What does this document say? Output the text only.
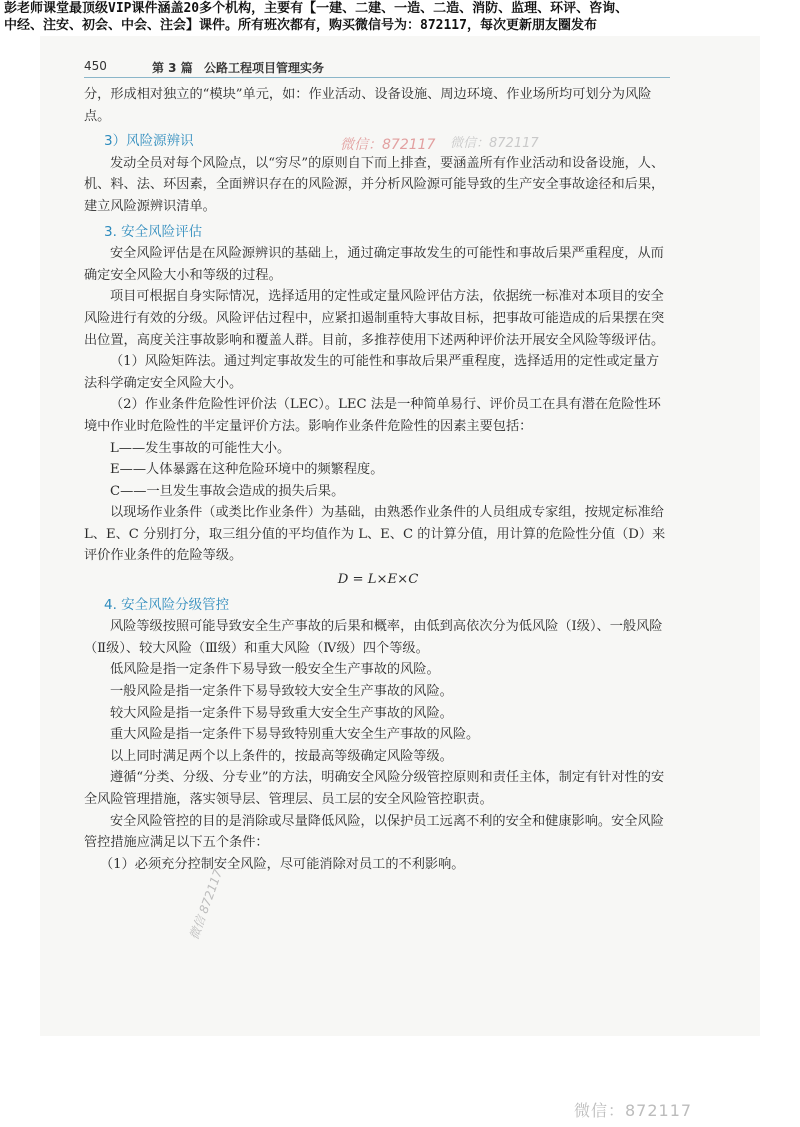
彭老师课堂最顶级VIP课件涵盖20多个机构，主要有【一建、二建、一造、二造、消防、监理、环评、咨询、
中经、注安、初会、中会、注会】课件。所有班次都有，购买微信号为：872117，每次更新朋友圈发布
450	第 3 篇 公路工程项目管理实务

分，形成相对独立的“模块”单元，如：作业活动、设备设施、周边环境、作业场所均可划分为风险点。

3）风险源辨识

发动全员对每个风险点，以“穷尽”的原则自下而上排查，要涵盖所有作业活动和设备设施，人、机、料、法、环因素，全面辨识存在的风险源，并分析风险源可能导致的生产安全事故途径和后果，建立风险源辨识清单。

3. 安全风险评估

安全风险评估是在风险源辨识的基础上，通过确定事故发生的可能性和事故后果严重程度，从而确定安全风险大小和等级的过程。

项目可根据自身实际情况，选择适用的定性或定量风险评估方法，依据统一标准对本项目的安全风险进行有效的分级。风险评估过程中，应紧扣遏制重特大事故目标，把事故可能造成的后果摆在突出位置，高度关注事故影响和覆盖人群。目前，多推荐使用下述两种评价法开展安全风险等级评估。

（1）风险矩阵法。通过判定事故发生的可能性和事故后果严重程度，选择适用的定性或定量方法科学确定安全风险大小。

（2）作业条件危险性评价法（LEC）。LEC 法是一种简单易行、评价员工在具有潜在危险性环境中作业时危险性的半定量评价方法。影响作业条件危险性的因素主要包括：

L——发生事故的可能性大小。

E——人体暴露在这种危险环境中的频繁程度。

C——一旦发生事故会造成的损失后果。

以现场作业条件（或类比作业条件）为基础，由熟悉作业条件的人员组成专家组，按规定标准给 L、E、C 分别打分，取三组分值的平均值作为 L、E、C 的计算分值，用计算的危险性分值（D）来评价作业条件的危险等级。

D = L×E×C

4. 安全风险分级管控

风险等级按照可能导致安全生产事故的后果和概率，由低到高依次分为低风险（Ⅰ级）、一般风险（Ⅱ级）、较大风险（Ⅲ级）和重大风险（Ⅳ级）四个等级。

低风险是指一定条件下易导致一般安全生产事故的风险。

一般风险是指一定条件下易导致较大安全生产事故的风险。

较大风险是指一定条件下易导致重大安全生产事故的风险。

重大风险是指一定条件下易导致特别重大安全生产事故的风险。

以上同时满足两个以上条件的，按最高等级确定风险等级。

遵循“分类、分级、分专业”的方法，明确安全风险分级管控原则和责任主体，制定有针对性的安全风险管理措施，落实领导层、管理层、员工层的安全风险管控职责。

安全风险管控的目的是消除或尽量降低风险，以保护员工远离不利的安全和健康影响。安全风险管控措施应满足以下五个条件：

（1）必须充分控制安全风险，尽可能消除对员工的不利影响。

微信：872117 微信：872117
微信 872117
微信：872117
